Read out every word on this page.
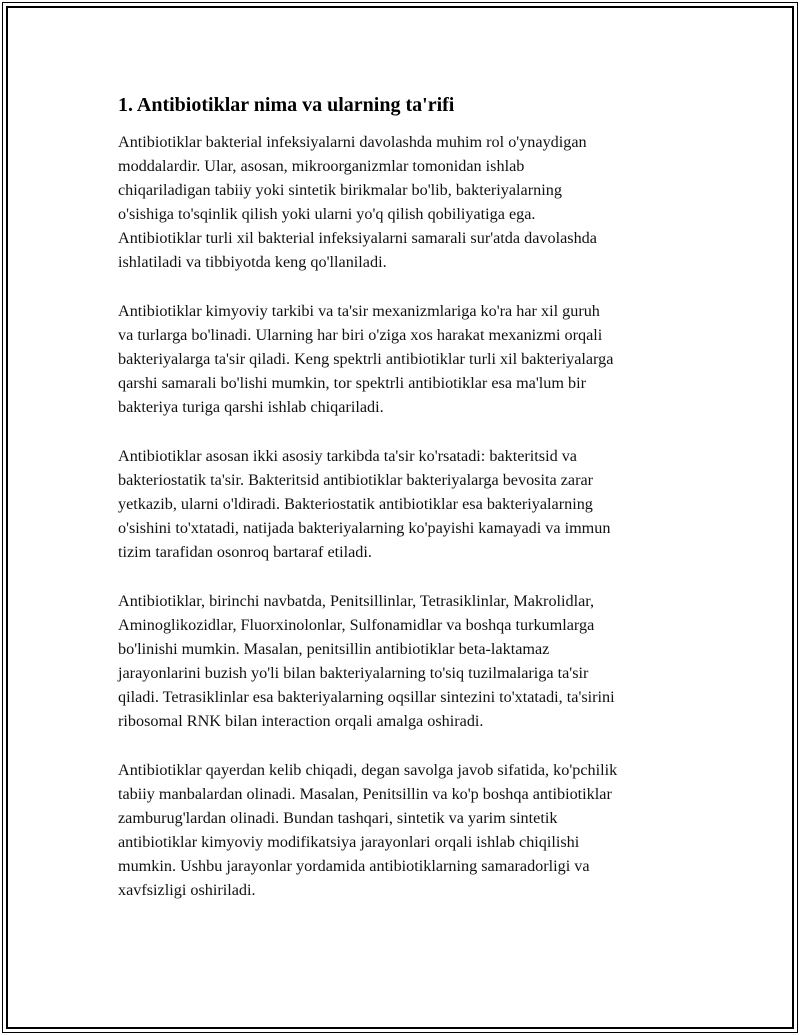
1. Antibiotiklar nima va ularning ta'rifi

Antibiotiklar bakterial infeksiyalarni davolashda muhim rol o'ynaydigan
moddalardir. Ular, asosan, mikroorganizmlar tomonidan ishlab
chiqariladigan tabiiy yoki sintetik birikmalar bo'lib, bakteriyalarning
o'sishiga to'sqinlik qilish yoki ularni yo'q qilish qobiliyatiga ega.
Antibiotiklar turli xil bakterial infeksiyalarni samarali sur'atda davolashda
ishlatiladi va tibbiyotda keng qo'llaniladi.

Antibiotiklar kimyoviy tarkibi va ta'sir mexanizmlariga ko'ra har xil guruh
va turlarga bo'linadi. Ularning har biri o'ziga xos harakat mexanizmi orqali
bakteriyalarga ta'sir qiladi. Keng spektrli antibiotiklar turli xil bakteriyalarga
qarshi samarali bo'lishi mumkin, tor spektrli antibiotiklar esa ma'lum bir
bakteriya turiga qarshi ishlab chiqariladi.

Antibiotiklar asosan ikki asosiy tarkibda ta'sir ko'rsatadi: bakteritsid va
bakteriostatik ta'sir. Bakteritsid antibiotiklar bakteriyalarga bevosita zarar
yetkazib, ularni o'ldiradi. Bakteriostatik antibiotiklar esa bakteriyalarning
o'sishini to'xtatadi, natijada bakteriyalarning ko'payishi kamayadi va immun
tizim tarafidan osonroq bartaraf etiladi.

Antibiotiklar, birinchi navbatda, Penitsillinlar, Tetrasiklinlar, Makrolidlar,
Aminoglikozidlar, Fluorxinolonlar, Sulfonamidlar va boshqa turkumlarga
bo'linishi mumkin. Masalan, penitsillin antibiotiklar beta-laktamaz
jarayonlarini buzish yo'li bilan bakteriyalarning to'siq tuzilmalariga ta'sir
qiladi. Tetrasiklinlar esa bakteriyalarning oqsillar sintezini to'xtatadi, ta'sirini
ribosomal RNK bilan interaction orqali amalga oshiradi.

Antibiotiklar qayerdan kelib chiqadi, degan savolga javob sifatida, ko'pchilik
tabiiy manbalardan olinadi. Masalan, Penitsillin va ko'p boshqa antibiotiklar
zamburug'lardan olinadi. Bundan tashqari, sintetik va yarim sintetik
antibiotiklar kimyoviy modifikatsiya jarayonlari orqali ishlab chiqilishi
mumkin. Ushbu jarayonlar yordamida antibiotiklarning samaradorligi va
xavfsizligi oshiriladi.
